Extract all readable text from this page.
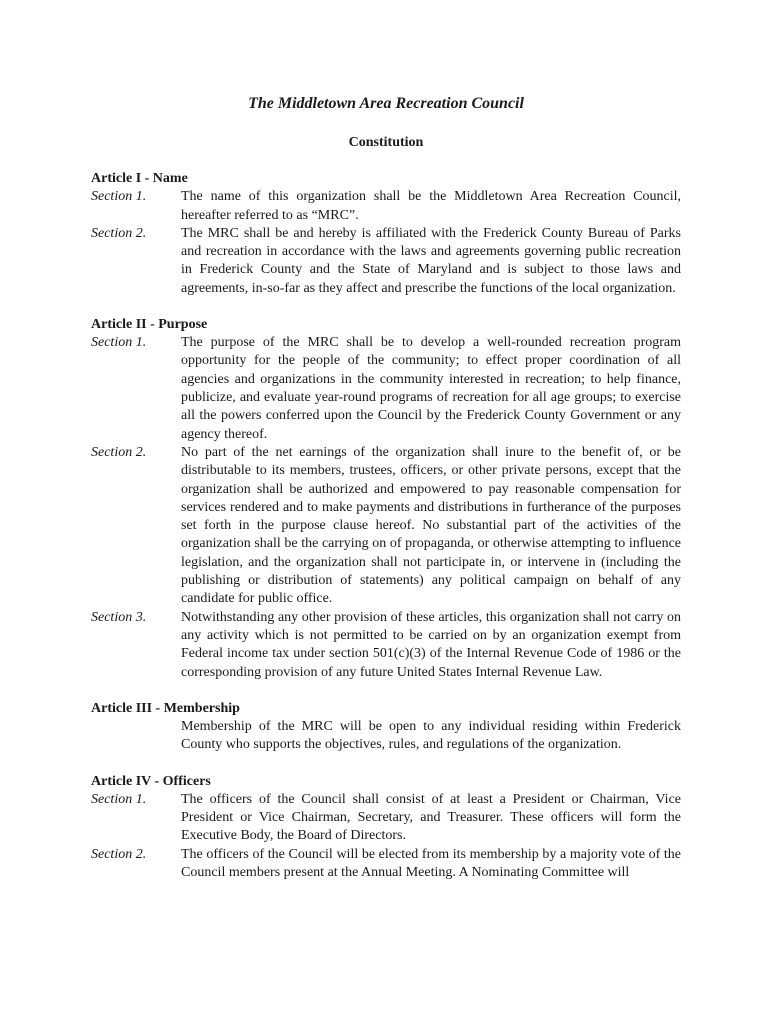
The Middletown Area Recreation Council
Constitution

Article I - Name

Section 1.	The name of this organization shall be the Middletown Area Recreation Council, hereafter referred to as “MRC”.
Section 2.	The MRC shall be and hereby is affiliated with the Frederick County Bureau of Parks and recreation in accordance with the laws and agreements governing public recreation in Frederick County and the State of Maryland and is subject to those laws and agreements, in-so-far as they affect and prescribe the functions of the local organization.

Article II - Purpose

Section 1.	The purpose of the MRC shall be to develop a well-rounded recreation program opportunity for the people of the community; to effect proper coordination of all agencies and organizations in the community interested in recreation; to help finance, publicize, and evaluate year-round programs of recreation for all age groups; to exercise all the powers conferred upon the Council by the Frederick County Government or any agency thereof.
Section 2.	No part of the net earnings of the organization shall inure to the benefit of, or be distributable to its members, trustees, officers, or other private persons, except that the organization shall be authorized and empowered to pay reasonable compensation for services rendered and to make payments and distributions in furtherance of the purposes set forth in the purpose clause hereof. No substantial part of the activities of the organization shall be the carrying on of propaganda, or otherwise attempting to influence legislation, and the organization shall not participate in, or intervene in (including the publishing or distribution of statements) any political campaign on behalf of any candidate for public office.
Section 3.	Notwithstanding any other provision of these articles, this organization shall not carry on any activity which is not permitted to be carried on by an organization exempt from Federal income tax under section 501(c)(3) of the Internal Revenue Code of 1986 or the corresponding provision of any future United States Internal Revenue Law.

Article III - Membership

Membership of the MRC will be open to any individual residing within Frederick County who supports the objectives, rules, and regulations of the organization.

Article IV - Officers

Section 1.	The officers of the Council shall consist of at least a President or Chairman, Vice President or Vice Chairman, Secretary, and Treasurer. These officers will form the Executive Body, the Board of Directors.
Section 2.	The officers of the Council will be elected from its membership by a majority vote of the Council members present at the Annual Meeting. A Nominating Committee will
